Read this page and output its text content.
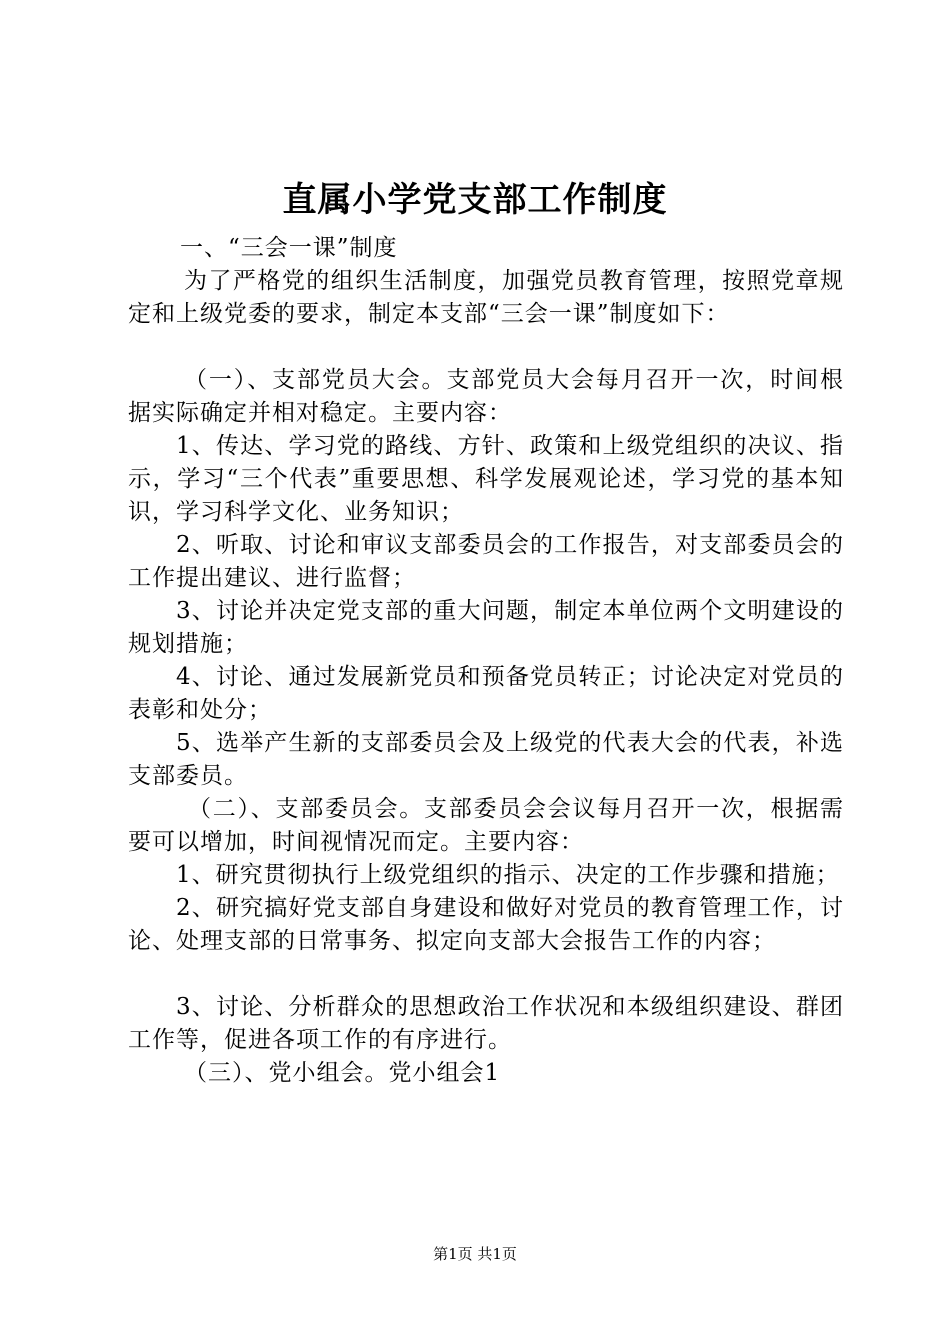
直属小学党支部工作制度

一、“三会一课”制度

为了严格党的组织生活制度，加强党员教育管理，按照党章规定和上级党委的要求，制定本支部“三会一课”制度如下：

（一）、支部党员大会。支部党员大会每月召开一次，时间根据实际确定并相对稳定。主要内容：

1、传达、学习党的路线、方针、政策和上级党组织的决议、指示，学习“三个代表”重要思想、科学发展观论述，学习党的基本知识，学习科学文化、业务知识；

2、听取、讨论和审议支部委员会的工作报告，对支部委员会的工作提出建议、进行监督；

3、讨论并决定党支部的重大问题，制定本单位两个文明建设的规划措施；

4、讨论、通过发展新党员和预备党员转正；讨论决定对党员的表彰和处分；

5、选举产生新的支部委员会及上级党的代表大会的代表，补选支部委员。

（二）、支部委员会。支部委员会会议每月召开一次，根据需要可以增加，时间视情况而定。主要内容：

1、研究贯彻执行上级党组织的指示、决定的工作步骤和措施；

2、研究搞好党支部自身建设和做好对党员的教育管理工作，讨论、处理支部的日常事务、拟定向支部大会报告工作的内容；

3、讨论、分析群众的思想政治工作状况和本级组织建设、群团工作等，促进各项工作的有序进行。

（三）、党小组会。党小组会1

第1页 共1页
